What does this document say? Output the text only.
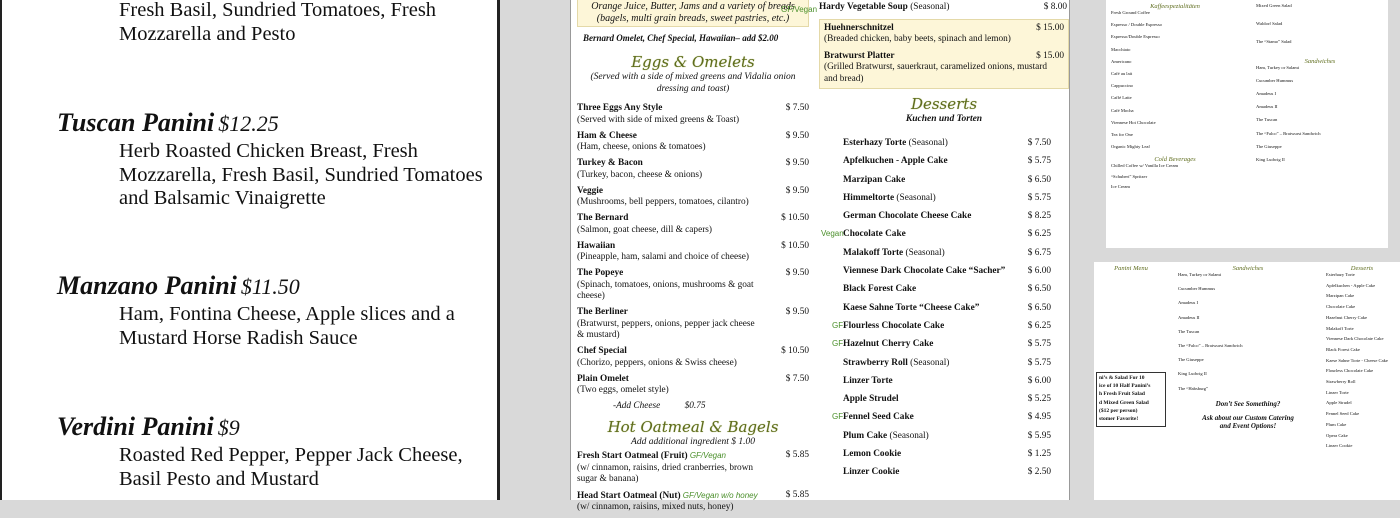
Fresh Basil, Sundried Tomatoes, Fresh
Mozzarella and Pesto
Tuscan Panini $12.25
Herb Roasted Chicken Breast, Fresh
Mozzarella, Fresh Basil, Sundried Tomatoes
and Balsamic Vinaigrette
Manzano Panini $11.50
Ham, Fontina Cheese, Apple slices and a
Mustard Horse Radish Sauce
Verdini Panini $9
Roasted Red Pepper, Pepper Jack Cheese,
Basil Pesto and Mustard
Orange Juice, Butter, Jams and a variety of breads
(bagels, multi grain breads, sweet pastries, etc.)
Bernard Omelet, Chef Special, Hawaiian– add $2.00
Eggs & Omelets
(Served with a side of mixed greens and Vidalia onion dressing and toast)
Three Eggs Any Style	$ 7.50
(Served with side of mixed greens & Toast)
Ham & Cheese	$ 9.50
(Ham, cheese, onions & tomatoes)
Turkey & Bacon	$ 9.50
(Turkey, bacon, cheese & onions)
Veggie	$ 9.50
(Mushrooms, bell peppers, tomatoes, cilantro)
The Bernard	$ 10.50
(Salmon, goat cheese, dill & capers)
Hawaiian	$ 10.50
(Pineapple, ham, salami and choice of cheese)
The Popeye	$ 9.50
(Spinach, tomatoes, onions, mushrooms & goat cheese)
The Berliner	$ 9.50
(Bratwurst, peppers, onions, pepper jack cheese & mustard)
Chef Special	$ 10.50
(Chorizo, peppers, onions & Swiss cheese)
Plain Omelet	$ 7.50
(Two eggs, omelet style)
-Add Cheese	$0.75
Hot Oatmeal & Bagels
Add additional ingredient $ 1.00
Fresh Start Oatmeal (Fruit) GF/Vegan	$ 5.85
(w/ cinnamon, raisins, dried cranberries, brown sugar & banana)
Head Start Oatmeal (Nut) GF/Vegan w/o honey	$ 5.85
(w/ cinnamon, raisins, mixed nuts, honey)
GF/Vegan Hardy Vegetable Soup (Seasonal)	$ 8.00
Huehnerschnitzel	$ 15.00
(Breaded chicken, baby beets, spinach and lemon)
Bratwurst Platter	$ 15.00
(Grilled Bratwurst, sauerkraut, caramelized onions, mustard and bread)
Desserts
Kuchen und Torten
Esterhazy Torte (Seasonal)	$ 7.50
Apfelkuchen - Apple Cake	$ 5.75
Marzipan Cake	$ 6.50
Himmeltorte (Seasonal)	$ 5.75
German Chocolate Cheese Cake	$ 8.25
Vegan Chocolate Cake	$ 6.25
Malakoff Torte (Seasonal)	$ 6.75
Viennese Dark Chocolate Cake “Sacher” $ 6.00
Black Forest Cake	$ 6.50
Kaese Sahne Torte “Cheese Cake”	$ 6.50
GF Flourless Chocolate Cake	$ 6.25
GF Hazelnut Cherry Cake	$ 5.75
Strawberry Roll (Seasonal)	$ 5.75
Linzer Torte	$ 6.00
Apple Strudel	$ 5.25
GF Fennel Seed Cake	$ 4.95
Plum Cake (Seasonal)	$ 5.95
Lemon Cookie	$ 1.25
Linzer Cookie	$ 2.50
Kaffeespezialitäten
Fresh Ground Coffee
Espresso / Double Espresso
Espresso/Double Espresso
Macchiato
Americano
Café au lait
Cappuccino
Caffé Latte
Café Mocha
Viennese Hot Chocolate
Tea for One
Organic Mighty Leaf
Cold Beverages
Chilled Coffee w/ Vanilla Ice Cream
“Schubert” Spritzer
Ice Cream
Mixed Green Salad
Waldorf Salad
The “Stamo” Salad
Sandwiches
Ham, Turkey or Salami
Cucumber Hummus
Amadeus I
Amadeus II
The Tuscan
The “Falco” – Bratwurst Sandwich
The Giuseppe
King Ludwig II
Panini Menu
ni’s & Salad For 10
ice of 10 Half Panini’s
h Fresh Fruit Salad
d Mixed Green Salad
($12 per person)
stomer Favorite!
Sandwiches
Ham, Turkey or Salami
Cucumber Hummus
Amadeus I
Amadeus II
The Tuscan
The “Falco” – Bratwurst Sandwich
The Giuseppe
King Ludwig II
The “Habsburg”
Don’t See Something?
Ask about our Custom Catering
and Event Options!
Desserts
Esterhazy Torte
Apfelkuchen - Apple Cake
Marzipan Cake
Chocolate Cake
Hazelnut Cherry Cake
Malakoff Torte
Viennese Dark Chocolate Cake
Black Forest Cake
Kaese Sahne Torte - Cheese Cake
Flourless Chocolate Cake
Strawberry Roll
Linzer Torte
Apple Strudel
Fennel Seed Cake
Plum Cake
Opera Cake
Linzer Cookie
